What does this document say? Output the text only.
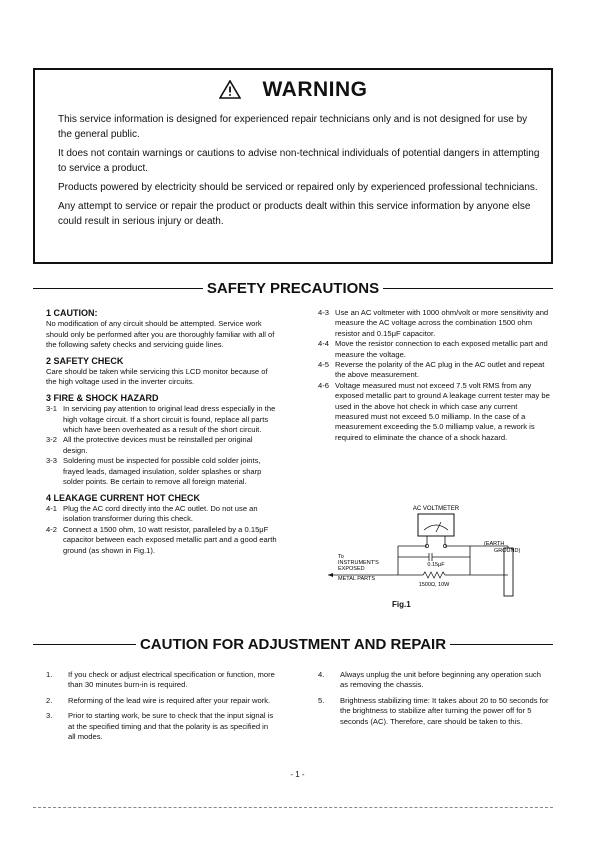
WARNING

This service information is designed for experienced repair technicians only and is not designed for use by the general public.

It does not contain warnings or cautions to advise non-technical individuals of potential dangers in attempting to service a product.

Products powered by electricity should be serviced or repaired only by experienced professional technicians.

Any attempt to service or repair the product or products dealt within this service information by anyone else could result in serious injury or death.

SAFETY PRECAUTIONS
1 CAUTION:

No modification of any circuit should be attempted. Service work should only be performed after you are thoroughly familiar with all of the following safety checks and servicing guide lines.

2 SAFETY CHECK

Care should be taken while servicing this LCD monitor because of the high voltage used in the inverter circuits.

3 FIRE & SHOCK HAZARD
3-1 In servicing pay attention to original lead dress especially in the high voltage circuit. If a short circuit is found, replace all parts which have been overheated as a result of the short circuit.
3-2 All the protective devices must be reinstalled per original design.
3-3 Soldering must be inspected for possible cold solder joints, frayed leads, damaged insulation, solder splashes or sharp solder points. Be certain to remove all foreign material.
4 LEAKAGE CURRENT HOT CHECK
4-1 Plug the AC cord directly into the AC outlet. Do not use an isolation transformer during this check.
4-2 Connect a 1500 ohm, 10 watt resistor, paralleled by a 0.15μF capacitor between each exposed metallic part and a good earth ground (as shown in Fig.1).
4-3 Use an AC voltmeter with 1000 ohm/volt or more sensitivity and measure the AC voltage across the combination 1500 ohm resistor and 0.15μF capacitor.
4-4 Move the resistor connection to each exposed metallic part and measure the voltage.
4-5 Reverse the polarity of the AC plug in the AC outlet and repeat the above measurement.
4-6 Voltage measured must not exceed 7.5 volt RMS from any exposed metallic part to ground A leakage current tester may be used in the above hot check in which case any current measured must not exceed 5.0 milliamp. In the case of a measurement exceeding the 5.0 milliamp value, a rework is required to eliminate the chance of a shock hazard.
AC VOLTMETER
0.15μF
1500Ω, 10W
(EARTH
GROUND)
To
INSTRUMENT'S
EXPOSED
METAL PARTS
Fig.1
CAUTION FOR ADJUSTMENT AND REPAIR
1.	If you check or adjust electrical specification or function, more than 30 minutes burn-in is required.
2.	Reforming of the lead wire is required after your repair work.
3.	Prior to starting work, be sure to check that the input signal is at the specified timing and that the polarity is as specified in all modes.
4.	Always unplug the unit before beginning any operation such as removing the chassis.
5.	Brightness stabilizing time: It takes about 20 to 50 seconds for the brightness to stabilize after turning the power off for 5 seconds (AC). Therefore, care should be taken to this.
- 1 -
